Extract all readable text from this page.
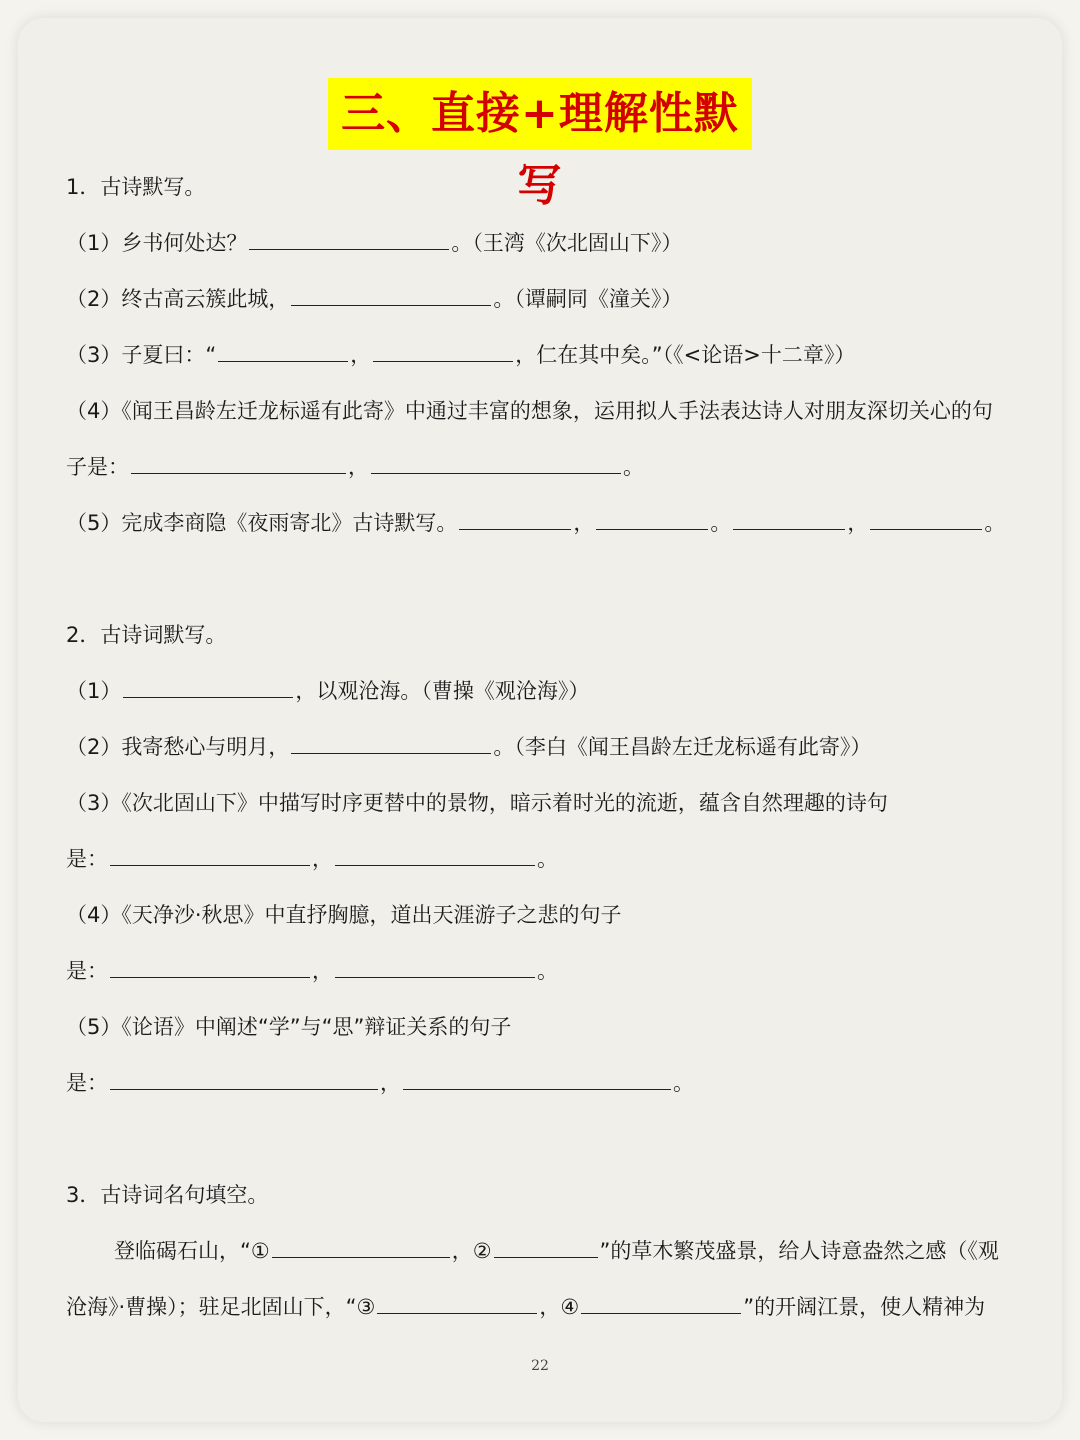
三、直接+理解性默写
1．古诗默写。
（1）乡书何处达？	。（王湾《次北固山下》）
（2）终古高云簇此城，	。（谭嗣同《潼关》）
（3）子夏曰：“	，	，仁在其中矣。”（《<论语>十二章》）
（4）《闻王昌龄左迁龙标遥有此寄》中通过丰富的想象，运用拟人手法表达诗人对朋友深切关心的句
子是：	，	。
（5）完成李商隐《夜雨寄北》古诗默写。	，	。	，	。
2．古诗词默写。
（1）	，以观沧海。（曹操《观沧海》）
（2）我寄愁心与明月，	。（李白《闻王昌龄左迁龙标遥有此寄》）
（3）《次北固山下》中描写时序更替中的景物，暗示着时光的流逝，蕴含自然理趣的诗句
是：	，	。
（4）《天净沙·秋思》中直抒胸臆，道出天涯游子之悲的句子
是：	，	。
（5）《论语》中阐述“学”与“思”辩证关系的句子
是：	，	。
3．古诗词名句填空。
登临碣石山，“①	，②	”的草木繁茂盛景，给人诗意盎然之感（《观
沧海》·曹操）；驻足北固山下，“③	，④	”的开阔江景，使人精神为
22
